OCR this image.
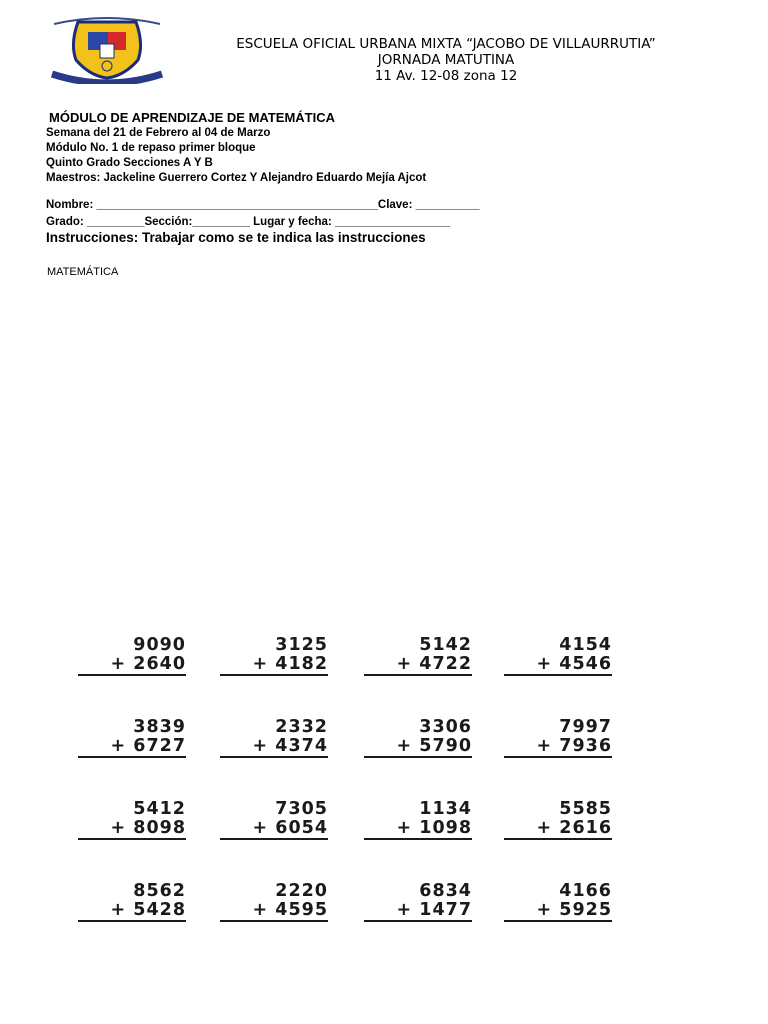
ESCUELA OFICIAL URBANA MIXTA “JACOBO DE VILLAURRUTIA”
JORNADA MATUTINA
11 Av. 12-08 zona 12
MÓDULO DE APRENDIZAJE DE MATEMÁTICA
Semana del 21 de Febrero al 04 de Marzo
Módulo No. 1 de repaso primer bloque
Quinto Grado Secciones A Y B
Maestros: Jackeline Guerrero Cortez Y Alejandro Eduardo Mejía Ajcot
Nombre: ____________________________________________Clave: __________
Grado: _________Sección:_________ Lugar y fecha: __________________
Instrucciones: Trabajar como se te indica las instrucciones
MATEMÁTICA
9090
+ 2640
3125
+ 4182
5142
+ 4722
4154
+ 4546
3839
+ 6727
2332
+ 4374
3306
+ 5790
7997
+ 7936
5412
+ 8098
7305
+ 6054
1134
+ 1098
5585
+ 2616
8562
+ 5428
2220
+ 4595
6834
+ 1477
4166
+ 5925
